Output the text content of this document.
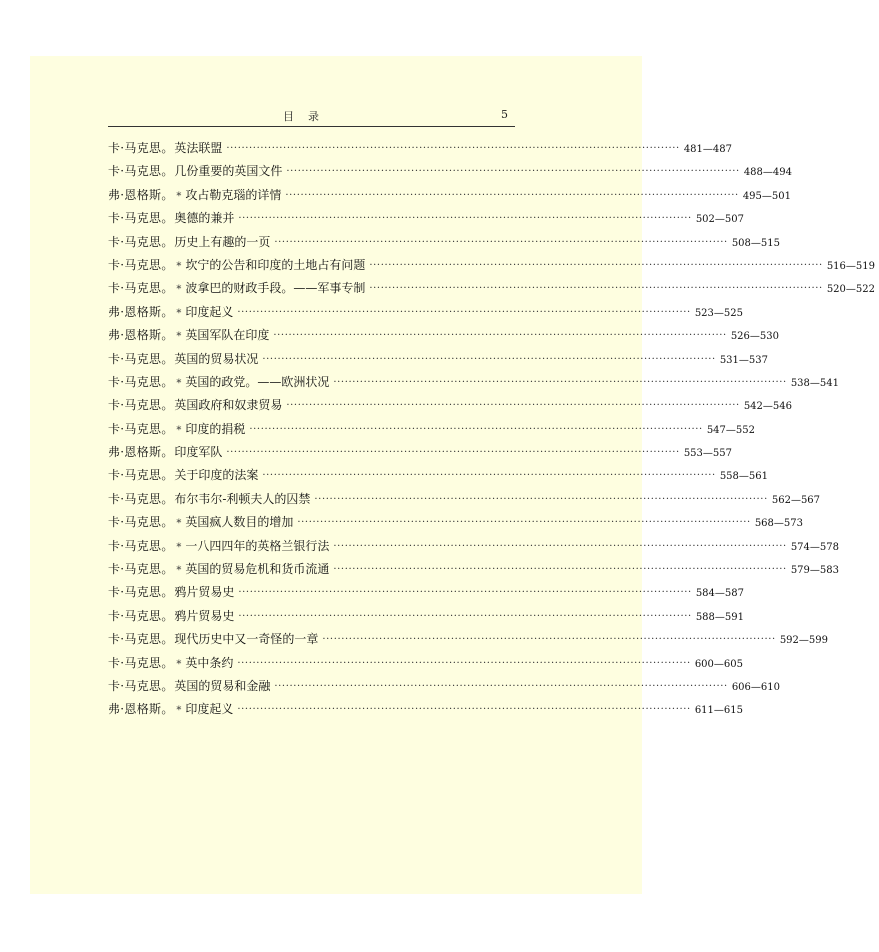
目录	5
卡·马克思 。 英法联盟 ························································································································ 481—487
卡·马克思 。 几份重要的英国文件 ························································································································ 488—494
弗·恩格斯 。 * 攻占勒克瑙的详情 ························································································································ 495—501
卡·马克思 。 奥德的兼并 ························································································································ 502—507
卡·马克思 。 历史上有趣的一页 ························································································································ 508—515
卡·马克思 。 * 坎宁的公告和印度的土地占有问题 ························································································································ 516—519
卡·马克思 。 * 波拿巴的财政手段。——军事专制 ························································································································ 520—522
弗·恩格斯 。 * 印度起义 ························································································································ 523—525
弗·恩格斯 。 * 英国军队在印度 ························································································································ 526—530
卡·马克思 。 英国的贸易状况 ························································································································ 531—537
卡·马克思 。 * 英国的政党。——欧洲状况 ························································································································ 538—541
卡·马克思 。 英国政府和奴隶贸易 ························································································································ 542—546
卡·马克思 。 * 印度的捐税 ························································································································ 547—552
弗·恩格斯 。 印度军队 ························································································································ 553—557
卡·马克思 。 关于印度的法案 ························································································································ 558—561
卡·马克思 。 布尔韦尔-利顿夫人的囚禁 ························································································································ 562—567
卡·马克思 。 * 英国疯人数目的增加 ························································································································ 568—573
卡·马克思 。 * 一八四四年的英格兰银行法 ························································································································ 574—578
卡·马克思 。 * 英国的贸易危机和货币流通 ························································································································ 579—583
卡·马克思 。 鸦片贸易史 ························································································································ 584—587
卡·马克思 。 鸦片贸易史 ························································································································ 588—591
卡·马克思 。 现代历史中又一奇怪的一章 ························································································································ 592—599
卡·马克思 。 * 英中条约 ························································································································ 600—605
卡·马克思 。 英国的贸易和金融 ························································································································ 606—610
弗·恩格斯 。 * 印度起义 ························································································································ 611—615
